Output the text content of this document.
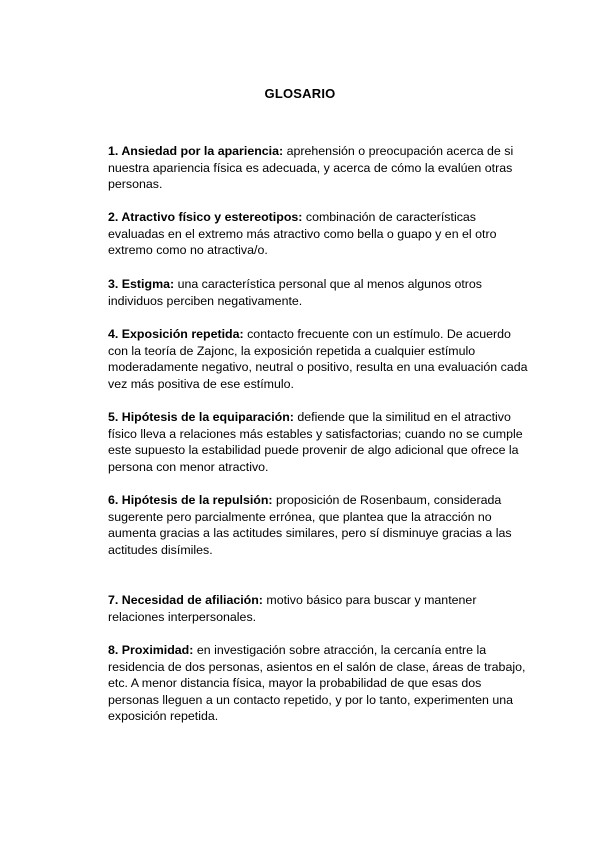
GLOSARIO

1. Ansiedad por la apariencia: aprehensión o preocupación acerca de si nuestra apariencia física es adecuada, y acerca de cómo la evalúen otras personas.

2. Atractivo físico y estereotipos: combinación de características evaluadas en el extremo más atractivo como bella o guapo y en el otro extremo como no atractiva/o.

3. Estigma: una característica personal que al menos algunos otros individuos perciben negativamente.

4. Exposición repetida: contacto frecuente con un estímulo. De acuerdo con la teoría de Zajonc, la exposición repetida a cualquier estímulo moderadamente negativo, neutral o positivo, resulta en una evaluación cada vez más positiva de ese estímulo.

5. Hipótesis de la equiparación: defiende que la similitud en el atractivo físico lleva a relaciones más estables y satisfactorias; cuando no se cumple este supuesto la estabilidad puede provenir de algo adicional que ofrece la persona con menor atractivo.

6. Hipótesis de la repulsión: proposición de Rosenbaum, considerada sugerente pero parcialmente errónea, que plantea que la atracción no aumenta gracias a las actitudes similares, pero sí disminuye gracias a las actitudes disímiles.

7. Necesidad de afiliación: motivo básico para buscar y mantener relaciones interpersonales.

8. Proximidad: en investigación sobre atracción, la cercanía entre la residencia de dos personas, asientos en el salón de clase, áreas de trabajo, etc. A menor distancia física, mayor la probabilidad de que esas dos personas lleguen a un contacto repetido, y por lo tanto, experimenten una exposición repetida.
